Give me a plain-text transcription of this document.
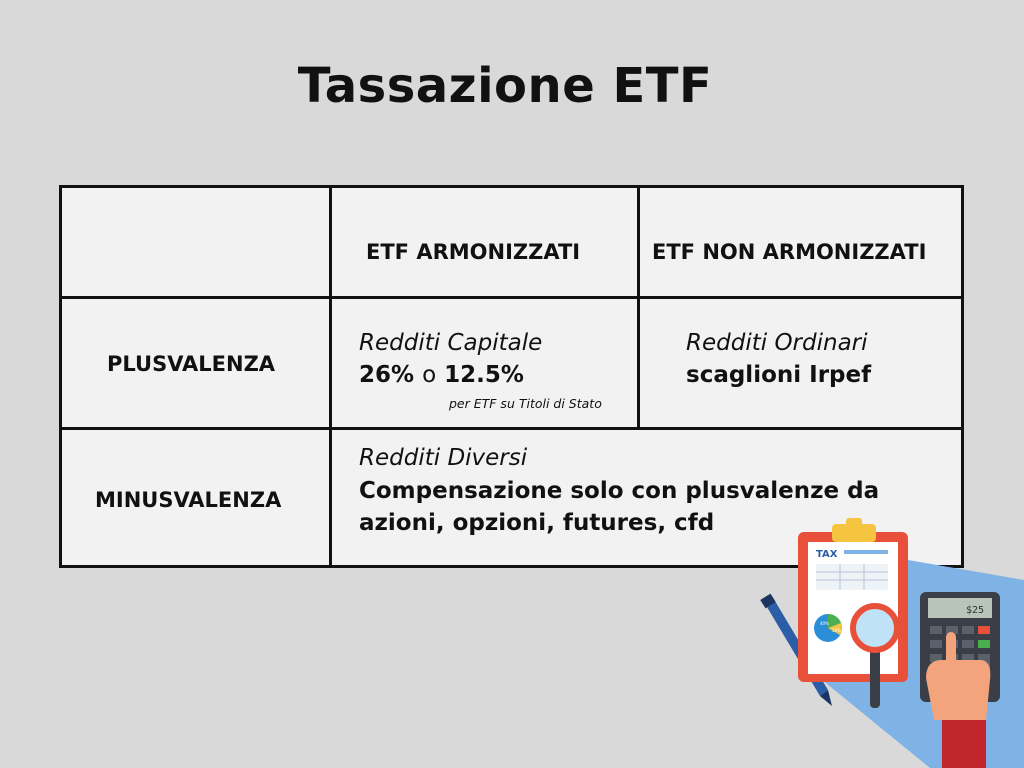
Tassazione ETF
ETF ARMONIZZATI	ETF NON ARMONIZZATI
PLUSVALENZA
Redditi Capitale
26% o 12.5%
per ETF su Titoli di Stato
Redditi Ordinari
scaglioni Irpef
MINUSVALENZA
Redditi Diversi
Compensazione solo con plusvalenze da
azioni, opzioni, futures, cfd
TAX
40%
30%
$25
